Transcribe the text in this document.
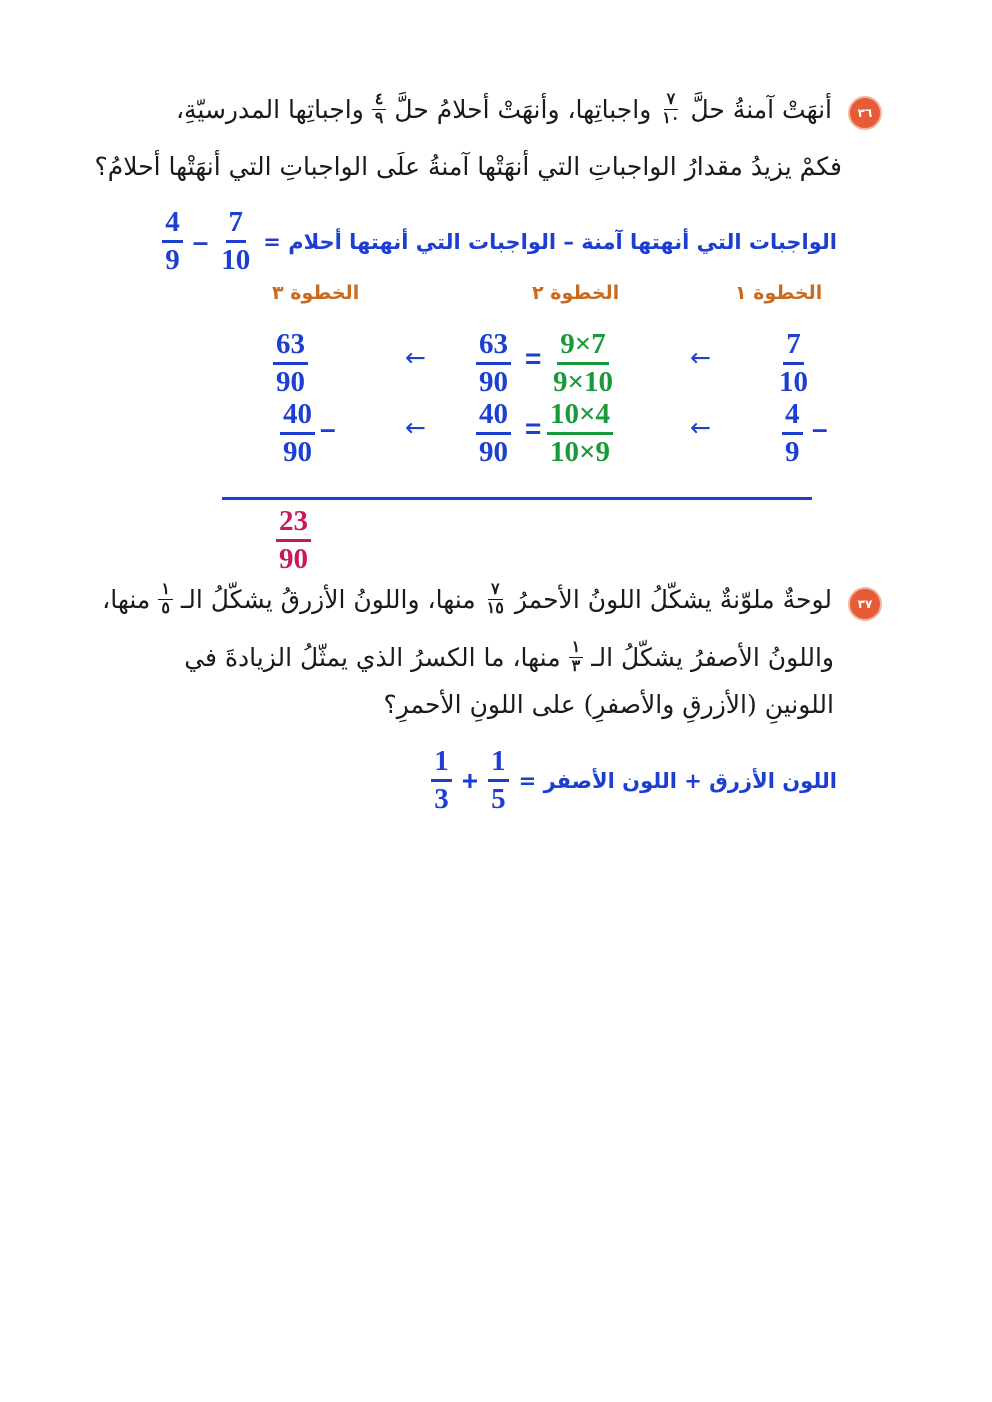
٣٦
أنهَتْ آمنةُ حلَّ
$\frac{٧}{١٠}$
واجباتِها، وأنهَتْ أحلامُ حلَّ
$\frac{٤}{٩}$
واجباتِها المدرسيّةِ،
فكمْ يزيدُ مقدارُ الواجباتِ التي أنهَتْها آمنةُ علَى الواجباتِ التي أنهَتْها أحلامُ؟
الواجبات التي أنهتها آمنة – الواجبات التي أنهتها أحلام =
$\frac{7}{10}$
–
$\frac{4}{9}$
الخطوة ١
الخطوة ٢
الخطوة ٣
$\frac{7}{10}$
←
$\frac{9\times 7}{9\times 10}$
=
$\frac{63}{90}$
←
$\frac{63}{90}$
–
$\frac{4}{9}$
←
$\frac{10\times 4}{10\times 9}$
=
$\frac{40}{90}$
←
$\frac{40}{90}$ –
$\frac{23}{90}$
٣٧
لوحةٌ ملوّنةٌ يشكّلُ اللونُ الأحمرُ
$\frac{٧}{١٥}$
منها، واللونُ الأزرقُ يشكّلُ الـ
$\frac{١}{٥}$
منها،
واللونُ الأصفرُ يشكّلُ الـ
$\frac{١}{٣}$
منها، ما الكسرُ الذي يمثّلُ الزيادةَ في
اللونينِ (الأزرقِ والأصفرِ) على اللونِ الأحمرِ؟
اللون الأزرق + اللون الأصفر =
$\frac{1}{5}$
+
$\frac{1}{3}$
